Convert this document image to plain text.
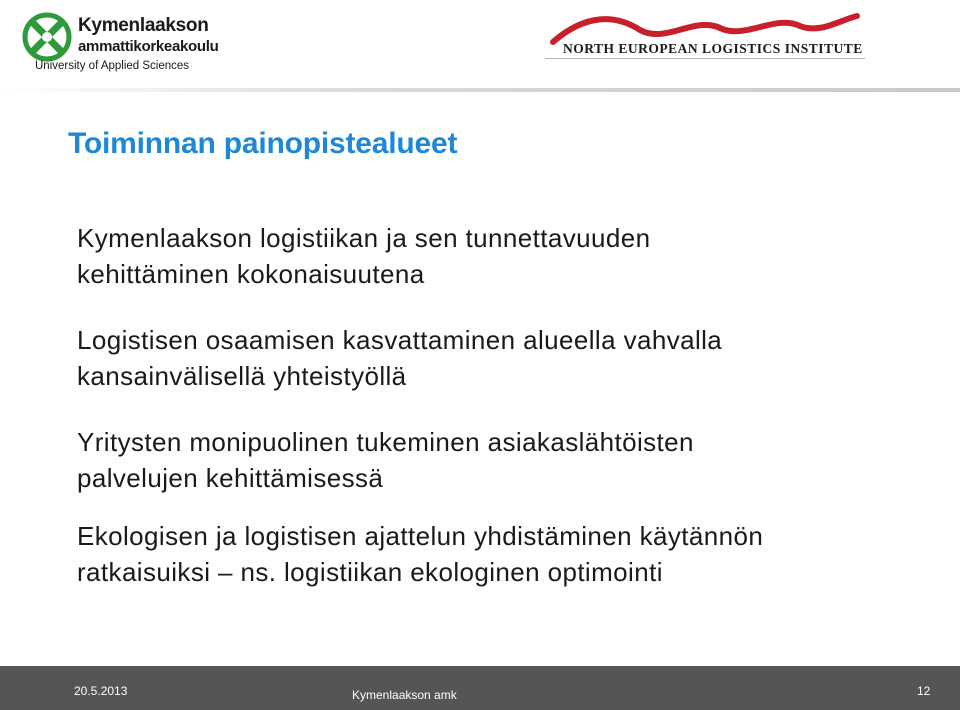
Kymenlaakson
ammattikorkeakoulu
University of Applied Sciences
NORTH EUROPEAN LOGISTICS INSTITUTE
Toiminnan painopistealueet
Kymenlaakson logistiikan ja sen tunnettavuuden
kehittäminen kokonaisuutena
Logistisen osaamisen kasvattaminen alueella vahvalla
kansainvälisellä yhteistyöllä
Yritysten monipuolinen tukeminen asiakaslähtöisten
palvelujen kehittämisessä
Ekologisen ja logistisen ajattelun yhdistäminen käytännön
ratkaisuiksi – ns. logistiikan ekologinen optimointi
20.5.2013	Kymenlaakson amk	12
